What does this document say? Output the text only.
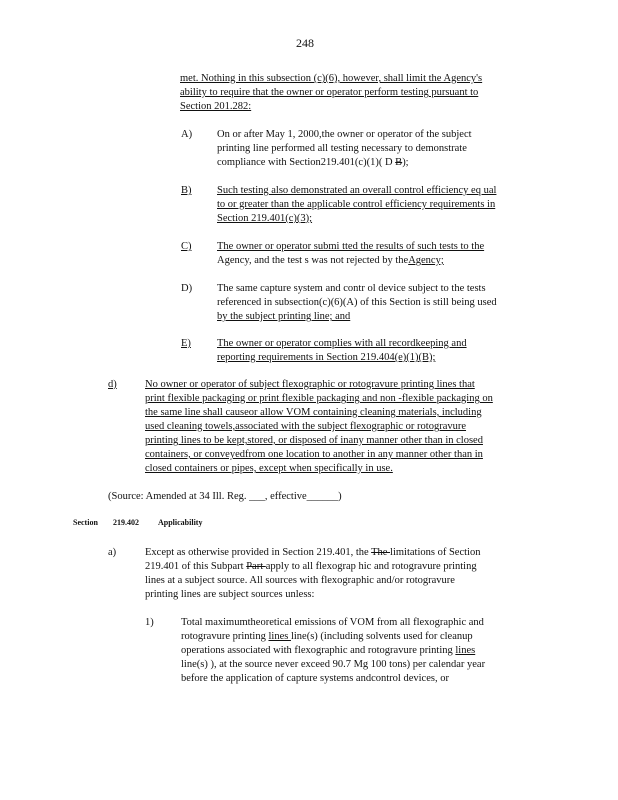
248

met. Nothing in this subsection (c)(6), however, shall limit the Agency's

ability to require that the owner or operator perform testing pursuant to

Section 201.282:

A) On or after May 1, 2000,the owner or operator of the subject

printing line performed all testing necessary to demonstrate

compliance with Section219.401(c)(1)( D B);

B) Such testing also demonstrated an overall control efficiency eq ual

to or greater than the applicable control efficiency requirements in

Section 219.401(c)(3);

C) The owner or operator submi tted the results of such tests to the

Agency, and the test s was not rejected by theAgency;

D) The same capture system and contr ol device subject to the tests

referenced in subsection(c)(6)(A) of this Section is still being used

by the subject printing line; and

E) The owner or operator complies with all recordkeeping and

reporting requirements in Section 219.404(e)(1)(B);

d)	No owner or operator of subject flexographic or rotogravure printing lines that

print flexible packaging or print flexible packaging and non -flexible packaging on

the same line shall causeor allow VOM containing cleaning materials, including

used cleaning towels,associated with the subject flexographic or rotogravure

printing lines to be kept,stored, or disposed of inany manner other than in closed

containers, or conveyedfrom one location to another in any manner other than in

closed containers or pipes, except when specifically in use.

(Source: Amended at 34 Ill. Reg. ___, effective______)

Section 219.402 Applicability
a)	Except as otherwise provided in Section 219.401, the The limitations of Section

219.401 of this Subpart Part apply to all flexograp hic and rotogravure printing

lines at a subject source. All sources with flexographic and/or rotogravure

printing lines are subject sources unless:

1)	Total maximumtheoretical emissions of VOM from all flexographic and

rotogravure printing lines line(s) (including solvents used for cleanup

operations associated with flexographic and rotogravure printing lines

line(s) ), at the source never exceed 90.7 Mg 100 tons) per calendar year

before the application of capture systems andcontrol devices, or
